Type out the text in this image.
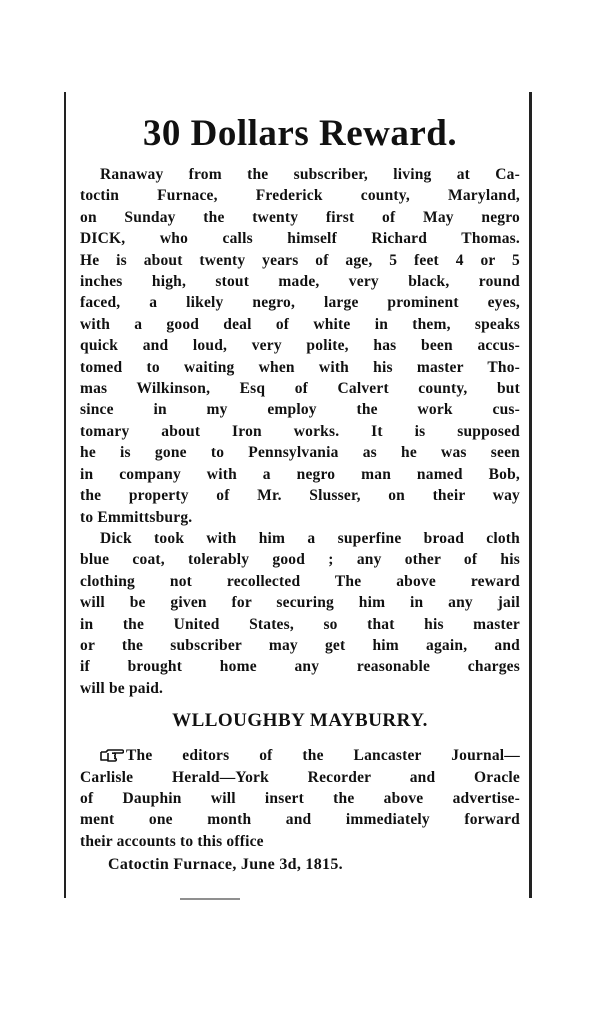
30 Dollars Reward.
Ranaway from the subscriber, living at Ca-
toctin Furnace, Frederick county, Maryland,
on Sunday the twenty first of May negro
DICK, who calls himself Richard Thomas.
He is about twenty years of age, 5 feet 4 or 5
inches high, stout made, very black, round
faced, a likely negro, large prominent eyes,
with a good deal of white in them, speaks
quick and loud, very polite, has been accus-
tomed to waiting when with his master Tho-
mas Wilkinson, Esq of Calvert county, but
since in my employ the work cus-
tomary about Iron works. It is supposed
he is gone to Pennsylvania as he was seen
in company with a negro man named Bob,
the property of Mr. Slusser, on their way
to Emmittsburg.
Dick took with him a superfine broad cloth
blue coat, tolerably good ; any other of his
clothing not recollected The above reward
will be given for securing him in any jail
in the United States, so that his master
or the subscriber may get him again, and
if brought home any reasonable charges
will be paid.
WLLOUGHBY MAYBURRY.
The editors of the Lancaster Journal—
Carlisle Herald—York Recorder and Oracle
of Dauphin will insert the above advertise-
ment one month and immediately forward
their accounts to this office
Catoctin Furnace, June 3d, 1815.
